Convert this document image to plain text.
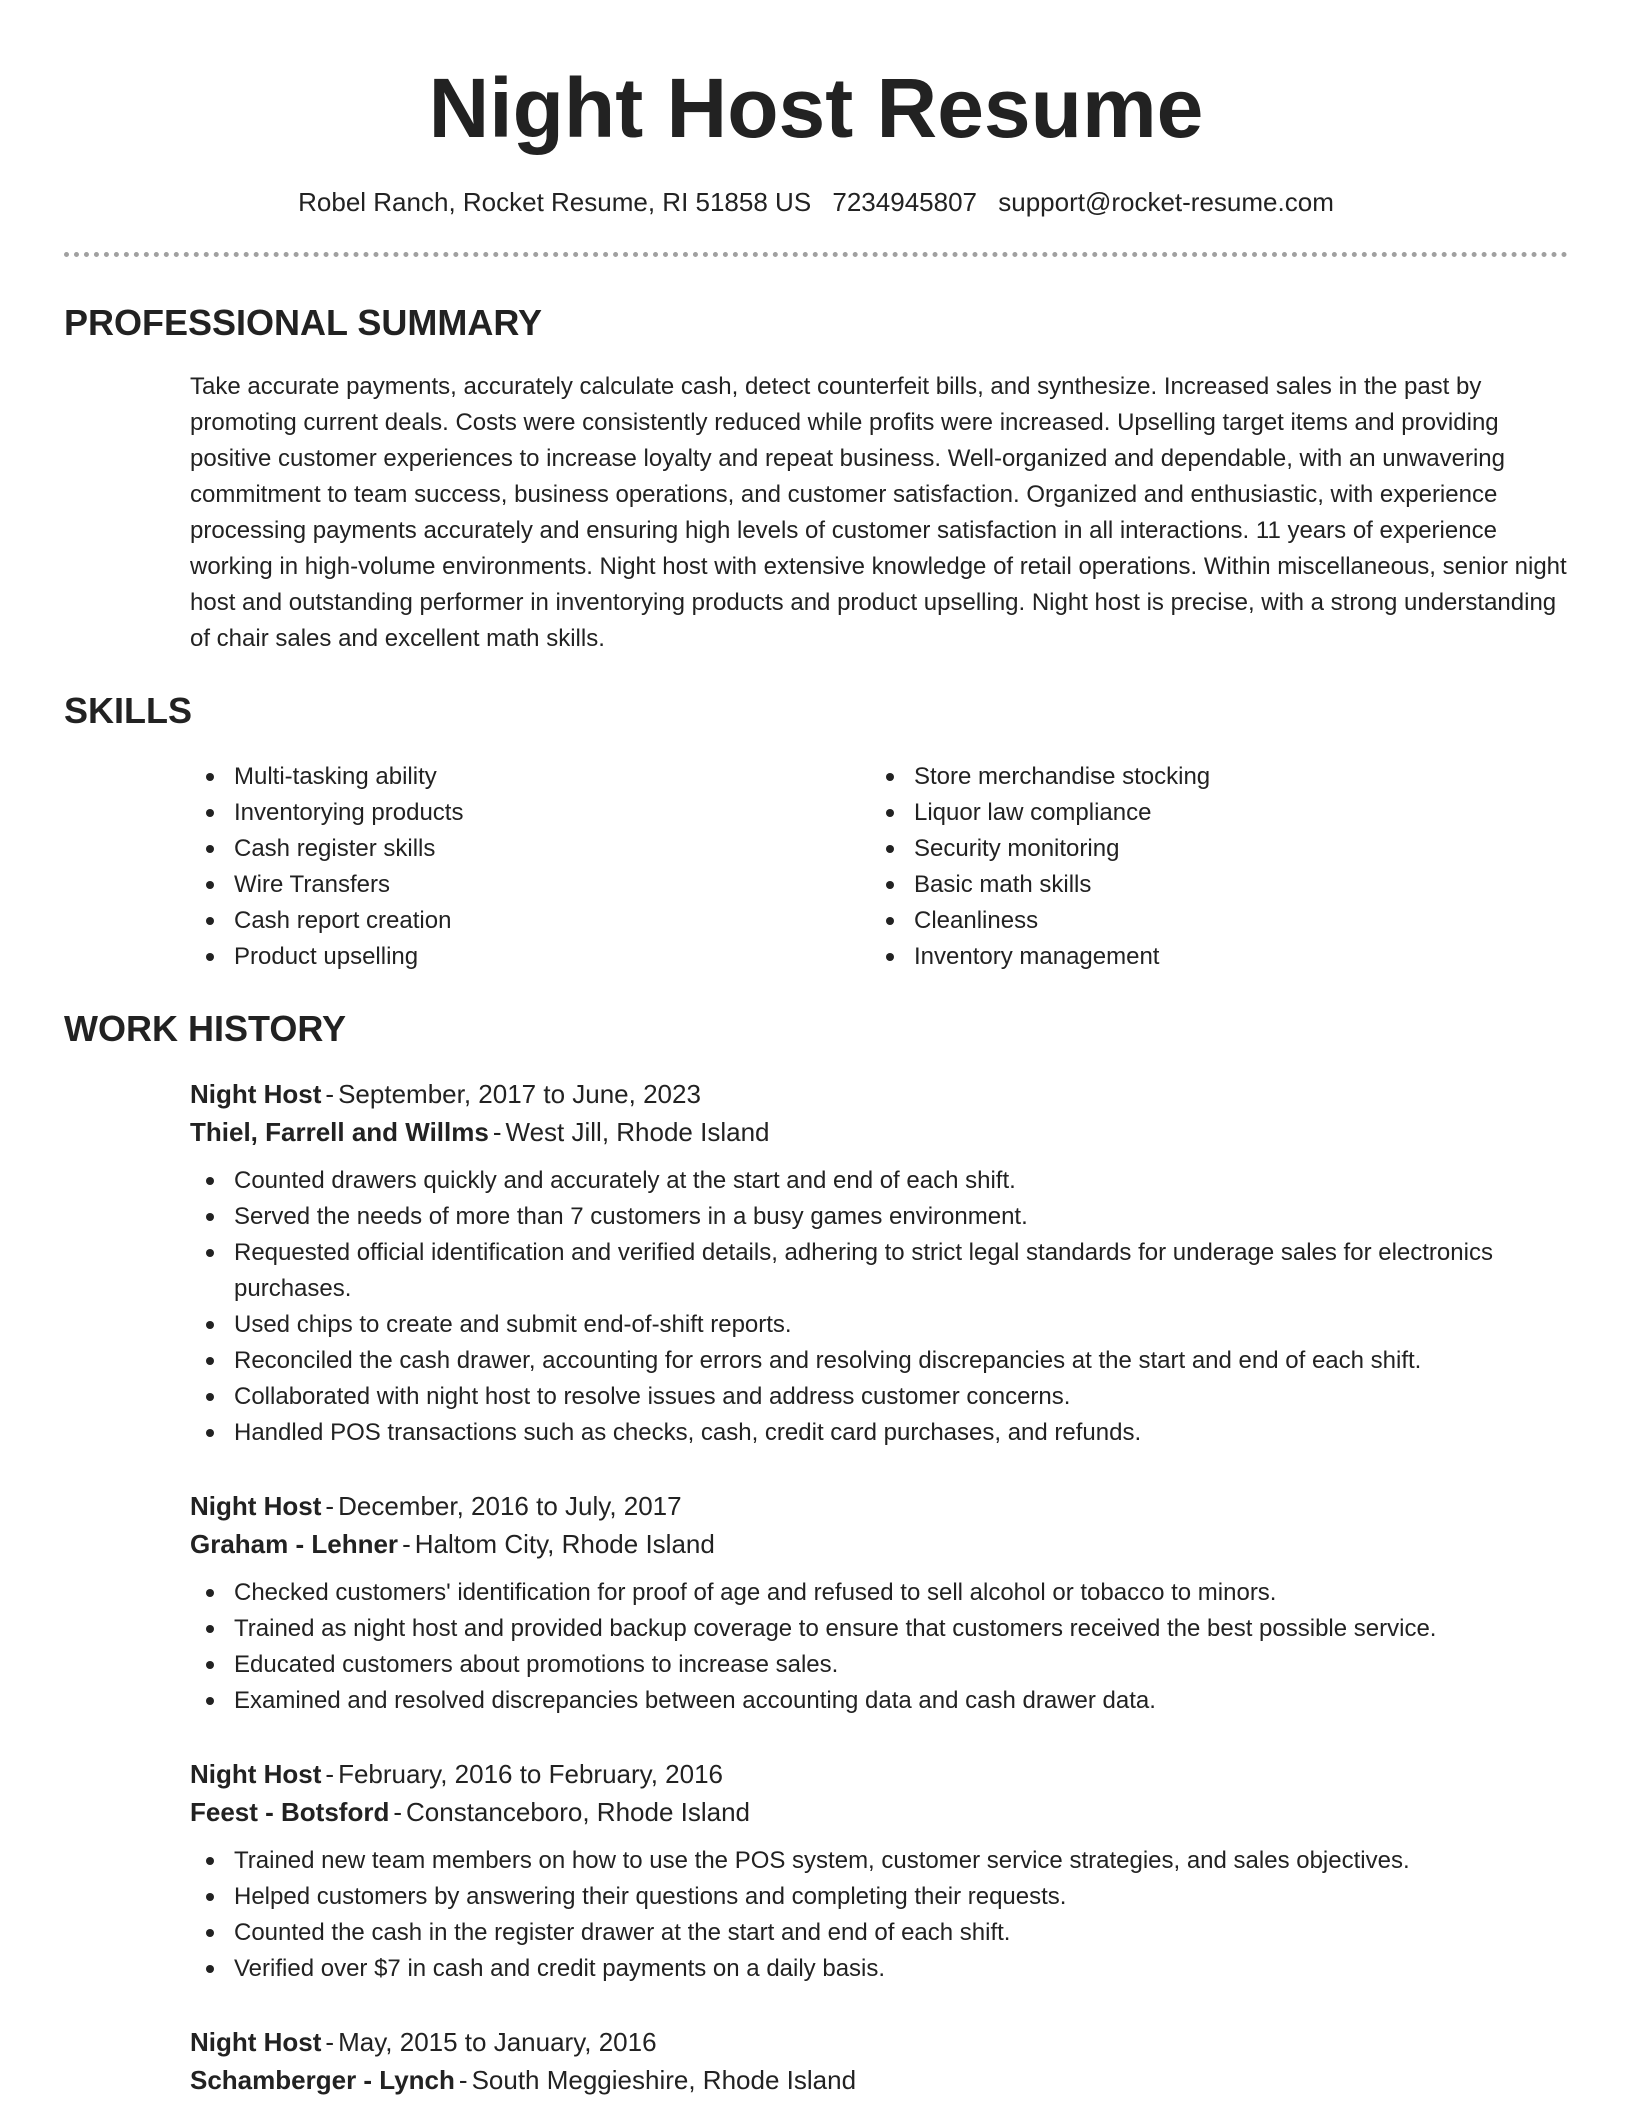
Night Host Resume
Robel Ranch, Rocket Resume, RI 51858 US 7234945807 support@rocket-resume.com
PROFESSIONAL SUMMARY
Take accurate payments, accurately calculate cash, detect counterfeit bills, and synthesize. Increased sales in the past by promoting current deals. Costs were consistently reduced while profits were increased. Upselling target items and providing positive customer experiences to increase loyalty and repeat business. Well-organized and dependable, with an unwavering commitment to team success, business operations, and customer satisfaction. Organized and enthusiastic, with experience processing payments accurately and ensuring high levels of customer satisfaction in all interactions. 11 years of experience working in high-volume environments. Night host with extensive knowledge of retail operations. Within miscellaneous, senior night host and outstanding performer in inventorying products and product upselling. Night host is precise, with a strong understanding of chair sales and excellent math skills.
SKILLS
Multi-tasking ability
Inventorying products
Cash register skills
Wire Transfers
Cash report creation
Product upselling
Store merchandise stocking
Liquor law compliance
Security monitoring
Basic math skills
Cleanliness
Inventory management
WORK HISTORY
Night Host - September, 2017 to June, 2023
Thiel, Farrell and Willms - West Jill, Rhode Island
Counted drawers quickly and accurately at the start and end of each shift.
Served the needs of more than 7 customers in a busy games environment.
Requested official identification and verified details, adhering to strict legal standards for underage sales for electronics purchases.
Used chips to create and submit end-of-shift reports.
Reconciled the cash drawer, accounting for errors and resolving discrepancies at the start and end of each shift.
Collaborated with night host to resolve issues and address customer concerns.
Handled POS transactions such as checks, cash, credit card purchases, and refunds.
Night Host - December, 2016 to July, 2017
Graham - Lehner - Haltom City, Rhode Island
Checked customers' identification for proof of age and refused to sell alcohol or tobacco to minors.
Trained as night host and provided backup coverage to ensure that customers received the best possible service.
Educated customers about promotions to increase sales.
Examined and resolved discrepancies between accounting data and cash drawer data.
Night Host - February, 2016 to February, 2016
Feest - Botsford - Constanceboro, Rhode Island
Trained new team members on how to use the POS system, customer service strategies, and sales objectives.
Helped customers by answering their questions and completing their requests.
Counted the cash in the register drawer at the start and end of each shift.
Verified over $7 in cash and credit payments on a daily basis.
Night Host - May, 2015 to January, 2016
Schamberger - Lynch - South Meggieshire, Rhode Island
